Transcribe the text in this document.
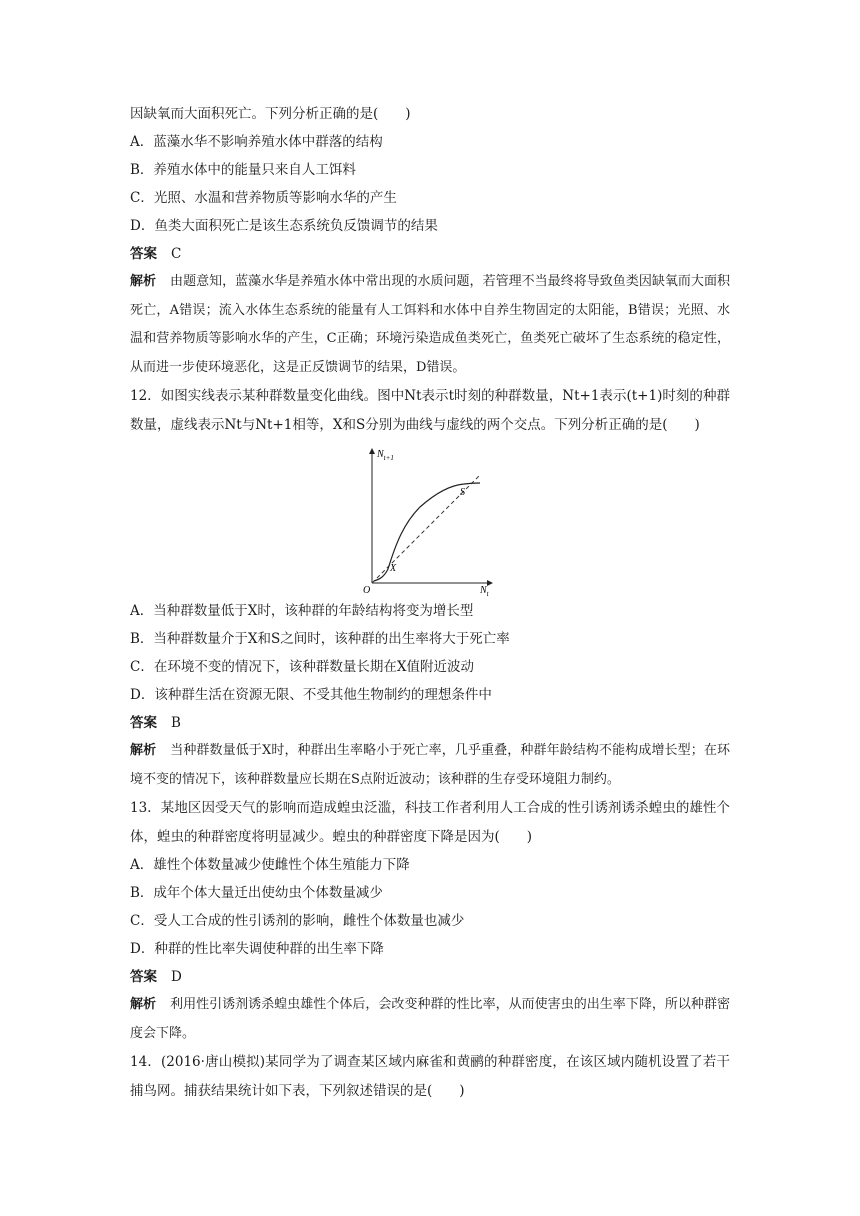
因缺氧而大面积死亡。下列分析正确的是(　　)
A．蓝藻水华不影响养殖水体中群落的结构
B．养殖水体中的能量只来自人工饵料
C．光照、水温和营养物质等影响水华的产生
D．鱼类大面积死亡是该生态系统负反馈调节的结果
答案 C
解析 由题意知，蓝藻水华是养殖水体中常出现的水质问题，若管理不当最终将导致鱼类因缺氧而大面积死亡，A错误；流入水体生态系统的能量有人工饵料和水体中自养生物固定的太阳能，B错误；光照、水温和营养物质等影响水华的产生，C正确；环境污染造成鱼类死亡，鱼类死亡破坏了生态系统的稳定性，从而进一步使环境恶化，这是正反馈调节的结果，D错误。
12．如图实线表示某种群数量变化曲线。图中Nt表示t时刻的种群数量，Nt+1表示(t+1)时刻的种群数量，虚线表示Nt与Nt+1相等，X和S分别为曲线与虚线的两个交点。下列分析正确的是(　　)
$N_{t+1}$
$N_t$
O
X
S
A．当种群数量低于X时，该种群的年龄结构将变为增长型
B．当种群数量介于X和S之间时，该种群的出生率将大于死亡率
C．在环境不变的情况下，该种群数量长期在X值附近波动
D．该种群生活在资源无限、不受其他生物制约的理想条件中
答案 B
解析 当种群数量低于X时，种群出生率略小于死亡率，几乎重叠，种群年龄结构不能构成增长型；在环境不变的情况下，该种群数量应长期在S点附近波动；该种群的生存受环境阻力制约。
13．某地区因受天气的影响而造成蝗虫泛滥，科技工作者利用人工合成的性引诱剂诱杀蝗虫的雄性个体，蝗虫的种群密度将明显减少。蝗虫的种群密度下降是因为(　　)
A．雄性个体数量减少使雌性个体生殖能力下降
B．成年个体大量迁出使幼虫个体数量减少
C．受人工合成的性引诱剂的影响，雌性个体数量也减少
D．种群的性比率失调使种群的出生率下降
答案 D
解析 利用性引诱剂诱杀蝗虫雄性个体后，会改变种群的性比率，从而使害虫的出生率下降，所以种群密度会下降。
14．(2016·唐山模拟)某同学为了调查某区域内麻雀和黄鹂的种群密度，在该区域内随机设置了若干捕鸟网。捕获结果统计如下表，下列叙述错误的是(　　)
